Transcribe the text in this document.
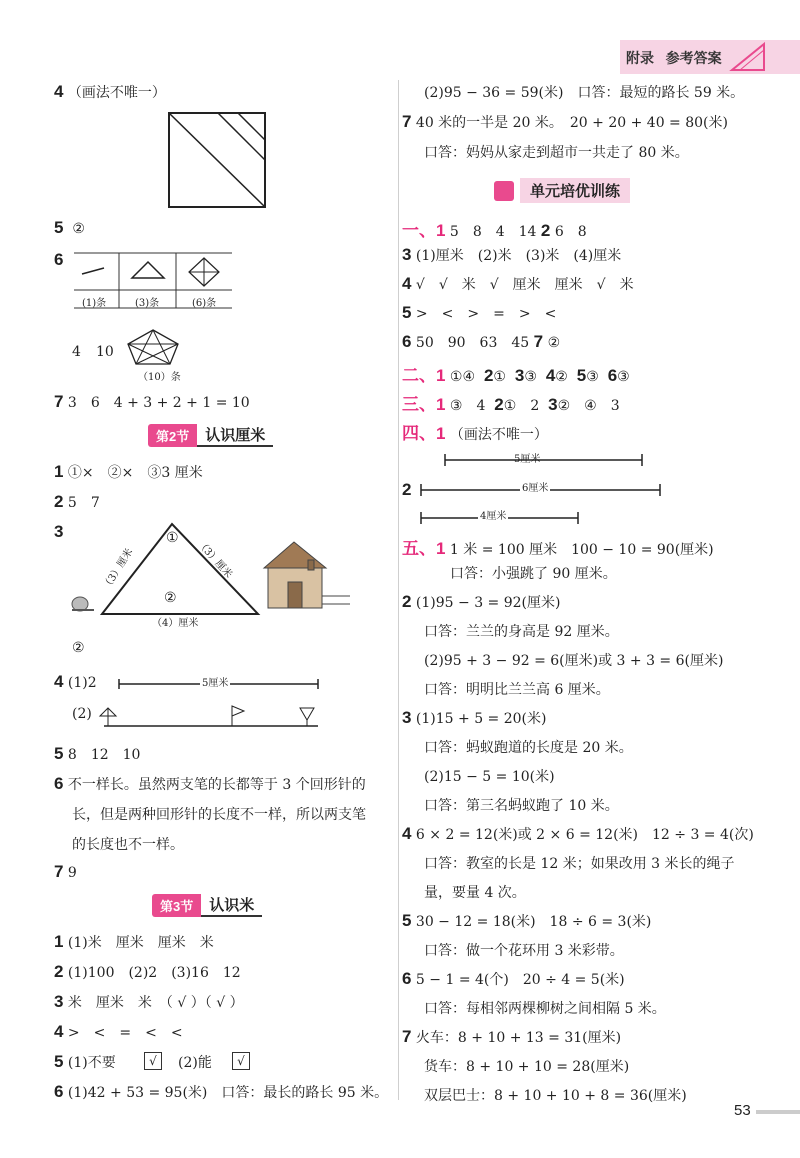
附录 参考答案
4 （画法不唯一）
5 ②
6
(1)条	(3)条	(6)条
4 10
（10）条
7 3　6　4 + 3 + 2 + 1 = 10
第2节	认识厘米
1 ①×　②×　③3 厘米
2 5　7
3	①
（3）厘米	（3）厘米
②
（4）厘米
②
4 (1)2	5厘米
(2)
5 8　12　10
6 不一样长。虽然两支笔的长都等于 3 个回形针的
长，但是两种回形针的长度不一样，所以两支笔
的长度也不一样。
7 9
第3节	认识米
1 (1)米　厘米　厘米　米
2 (1)100　(2)2　(3)16　12
3 米　厘米　米　（ √ ）（ √ ）
4 >　<　=　<　<
5 (1)不要	√	(2)能	√
6 (1)42 + 53 = 95(米)　口答：最长的路长 95 米。
(2)95 − 36 = 59(米)　口答：最短的路长 59 米。
7 40 米的一半是 20 米。　20 + 20 + 40 = 80(米)
口答：妈妈从家走到超市一共走了 80 米。
单元培优训练
一、1 5　8　4　14 2 6　8
3 (1)厘米　(2)米　(3)米　(4)厘米
4 √　√　米　√　厘米　厘米　√　米
5 >　<　>　=　>　<
6 50　90　63　45 7 ②
二、1 ①④ 2① 3③ 4② 5③ 6③
三、1 ③　4 2①　2 3②　④　3
四、1 （画法不唯一）
5厘米
2	6厘米
4厘米
五、1 1 米 = 100 厘米　100 − 10 = 90(厘米)
口答：小强跳了 90 厘米。
2 (1)95 − 3 = 92(厘米)
口答：兰兰的身高是 92 厘米。
(2)95 + 3 − 92 = 6(厘米)或 3 + 3 = 6(厘米)
口答：明明比兰兰高 6 厘米。
3 (1)15 + 5 = 20(米)
口答：蚂蚁跑道的长度是 20 米。
(2)15 − 5 = 10(米)
口答：第三名蚂蚁跑了 10 米。
4 6 × 2 = 12(米)或 2 × 6 = 12(米)　12 ÷ 3 = 4(次)
口答：教室的长是 12 米；如果改用 3 米长的绳子
量，要量 4 次。
5 30 − 12 = 18(米)　18 ÷ 6 = 3(米)
口答：做一个花环用 3 米彩带。
6 5 − 1 = 4(个)　20 ÷ 4 = 5(米)
口答：每相邻两棵柳树之间相隔 5 米。
7 火车：8 + 10 + 13 = 31(厘米)
货车：8 + 10 + 10 = 28(厘米)
双层巴士：8 + 10 + 10 + 8 = 36(厘米)
53
